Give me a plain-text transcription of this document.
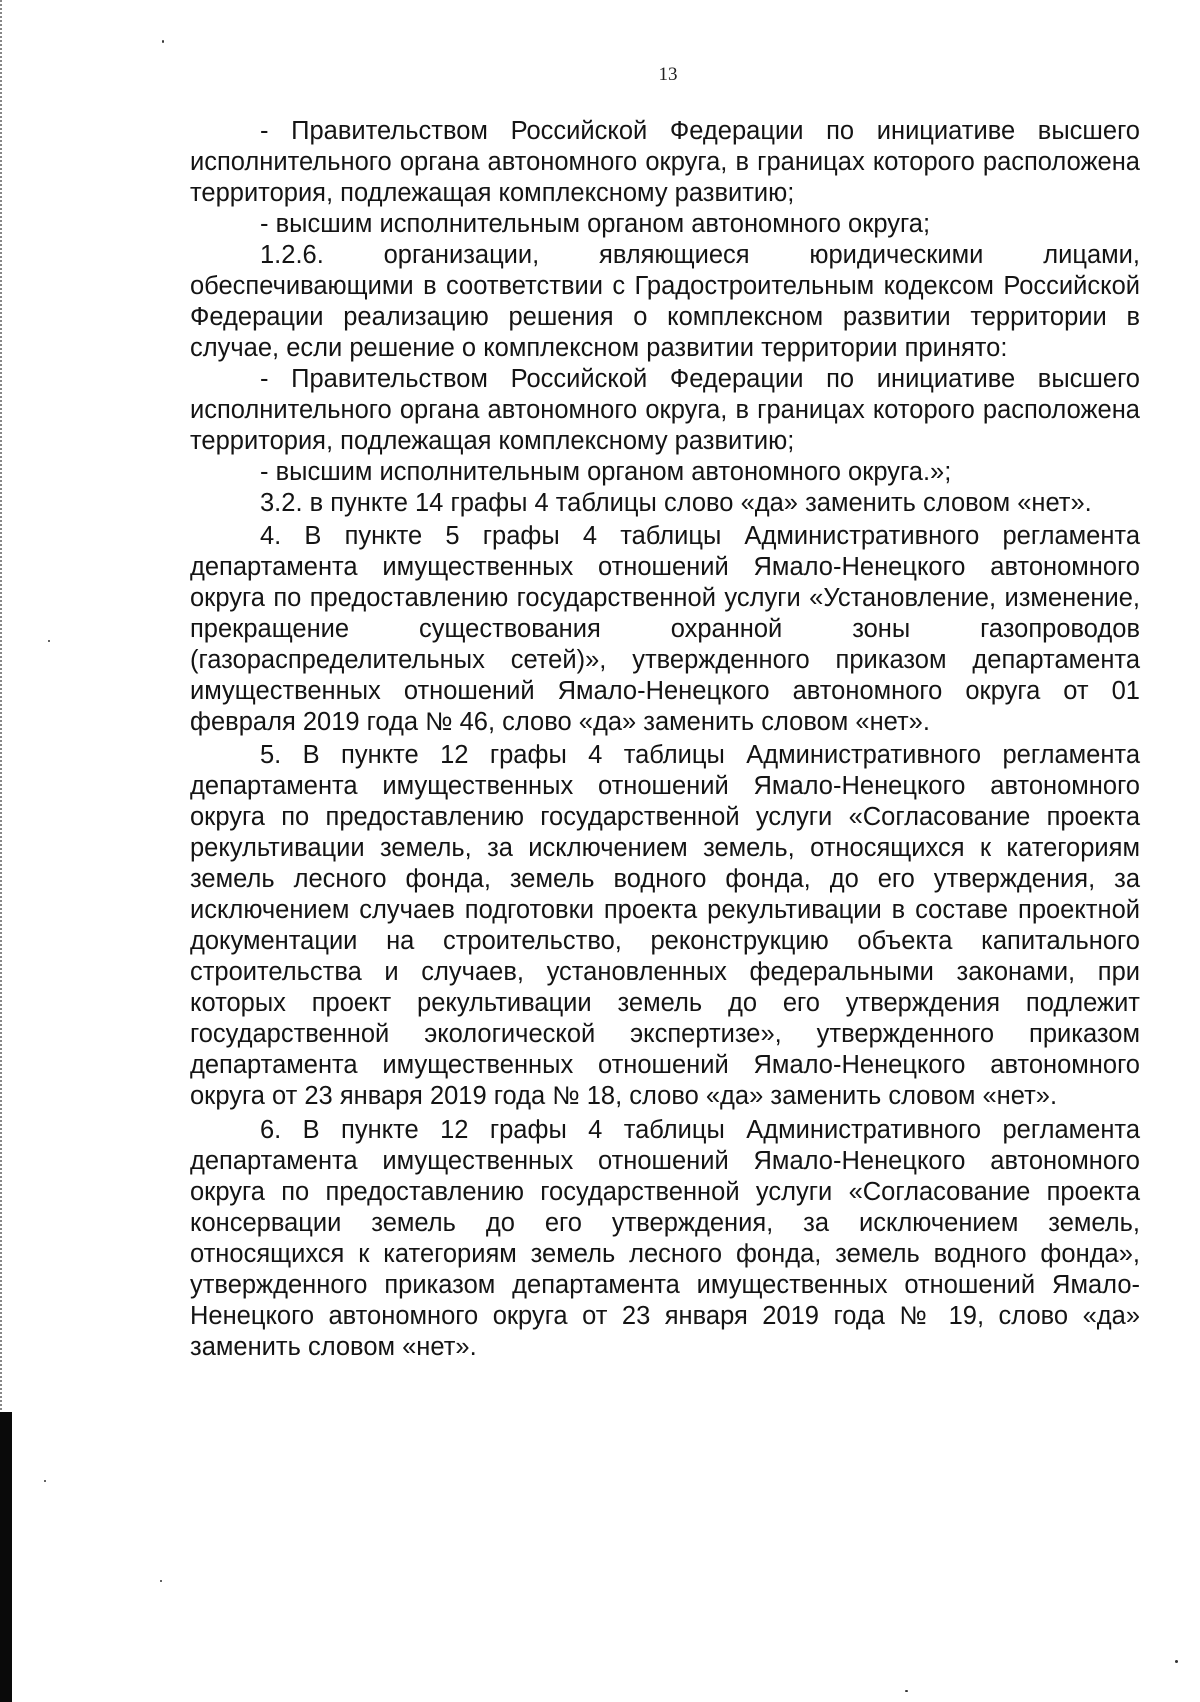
13

- Правительством Российской Федерации по инициативе высшего исполнительного органа автономного округа, в границах которого расположена территория, подлежащая комплексному развитию;

- высшим исполнительным органом автономного округа;

1.2.6. организации, являющиеся юридическими лицами, обеспечивающими в соответствии с Градостроительным кодексом Российской Федерации реализацию решения о комплексном развитии территории в случае, если решение о комплексном развитии территории принято:

- Правительством Российской Федерации по инициативе высшего исполнительного органа автономного округа, в границах которого расположена территория, подлежащая комплексному развитию;

- высшим исполнительным органом автономного округа.»;

3.2. в пункте 14 графы 4 таблицы слово «да» заменить словом «нет».

4. В пункте 5 графы 4 таблицы Административного регламента департамента имущественных отношений Ямало-Ненецкого автономного округа по предоставлению государственной услуги «Установление, изменение, прекращение существования охранной зоны газопроводов (газораспределительных сетей)», утвержденного приказом департамента имущественных отношений Ямало-Ненецкого автономного округа от 01 февраля 2019 года № 46, слово «да» заменить словом «нет».

5. В пункте 12 графы 4 таблицы Административного регламента департамента имущественных отношений Ямало-Ненецкого автономного округа по предоставлению государственной услуги «Согласование проекта рекультивации земель, за исключением земель, относящихся к категориям земель лесного фонда, земель водного фонда, до его утверждения, за исключением случаев подготовки проекта рекультивации в составе проектной документации на строительство, реконструкцию объекта капитального строительства и случаев, установленных федеральными законами, при которых проект рекультивации земель до его утверждения подлежит государственной экологической экспертизе», утвержденного приказом департамента имущественных отношений Ямало-Ненецкого автономного округа от 23 января 2019 года № 18, слово «да» заменить словом «нет».

6. В пункте 12 графы 4 таблицы Административного регламента департамента имущественных отношений Ямало-Ненецкого автономного округа по предоставлению государственной услуги «Согласование проекта консервации земель до его утверждения, за исключением земель, относящихся к категориям земель лесного фонда, земель водного фонда», утвержденного приказом департамента имущественных отношений Ямало-Ненецкого автономного округа от 23 января 2019 года № 19, слово «да» заменить словом «нет».
